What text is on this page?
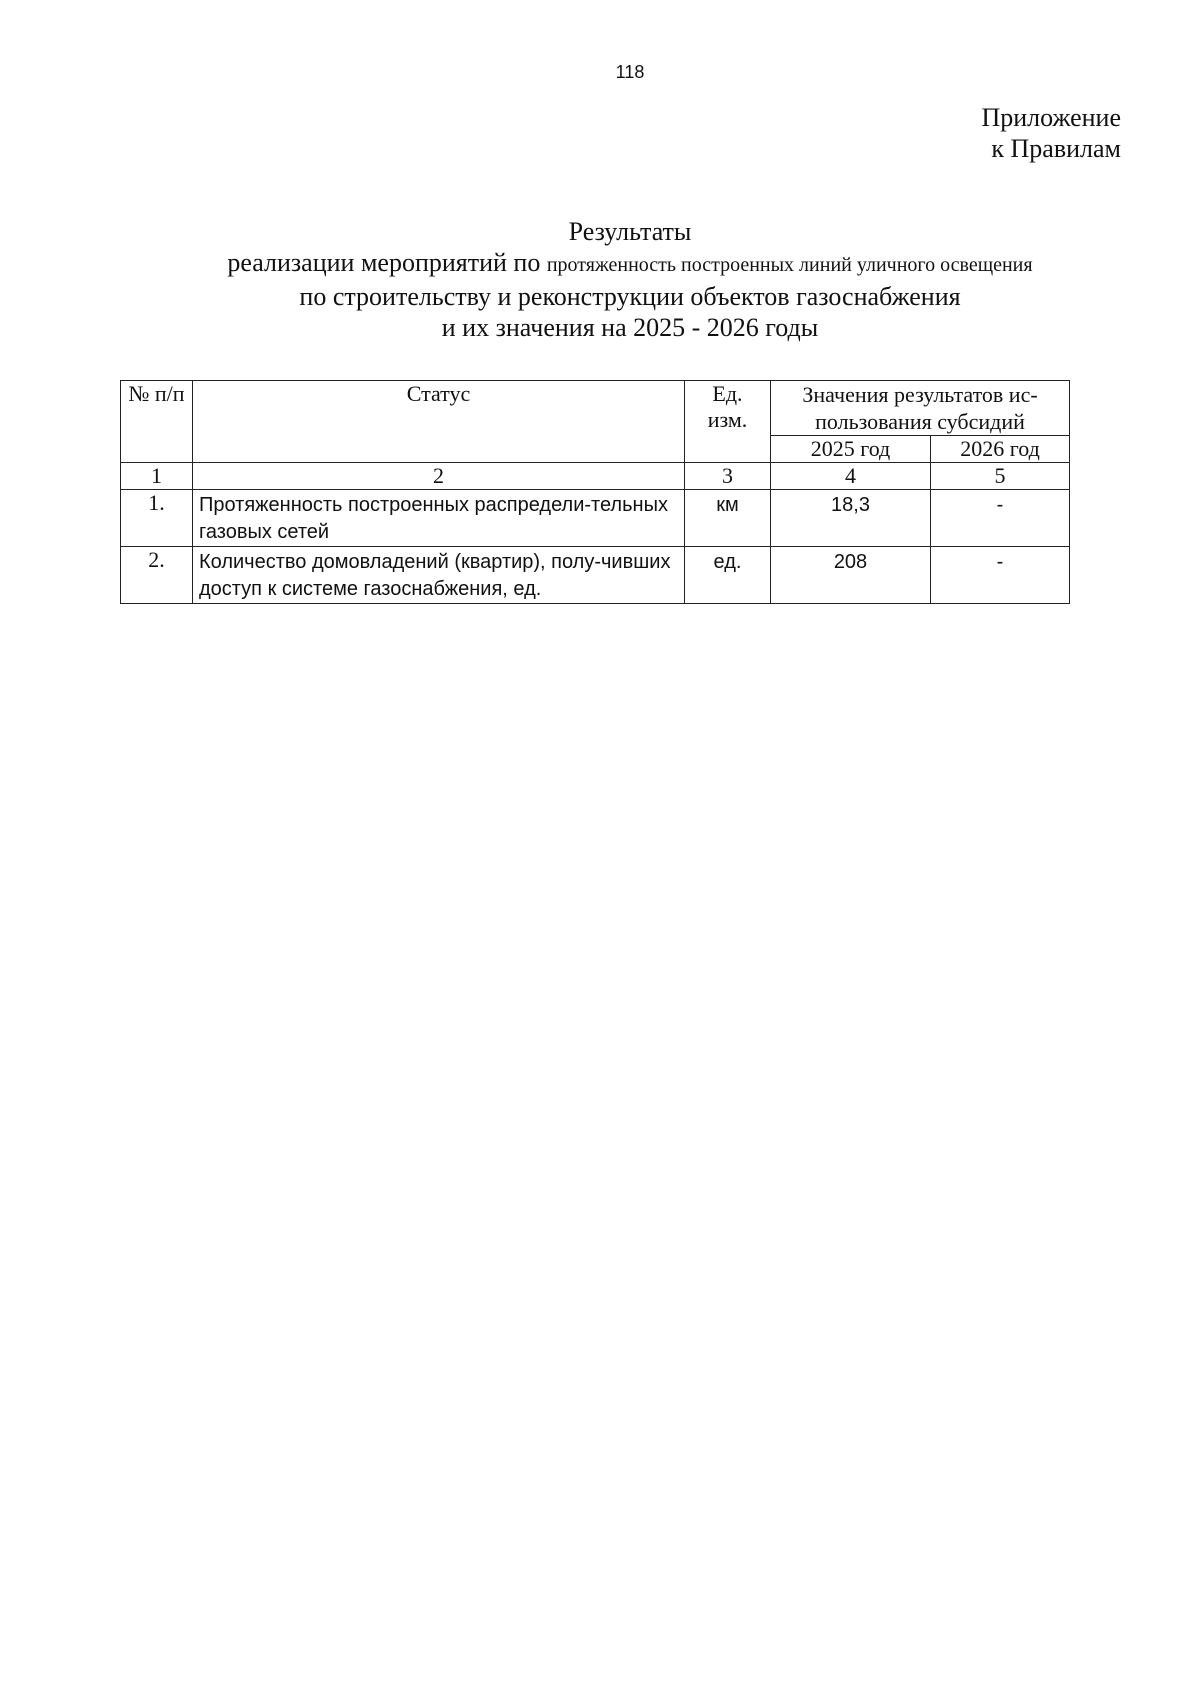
118
Приложение
к Правилам
Результаты
реализации мероприятий по протяженность построенных линий уличного освещения
по строительству и реконструкции объектов газоснабжения
и их значения на 2025 - 2026 годы
№ п/п	Статус	Ед. изм.	Значения результатов ис-пользования субсидий	
			2025 год	2026 год
1	2	3	4	5
1.	Протяженность построенных распредели-тельных газовых сетей	км	18,3	-
2.	Количество домовладений (квартир), полу-чивших доступ к системе газоснабжения, ед.	ед.	208	-
